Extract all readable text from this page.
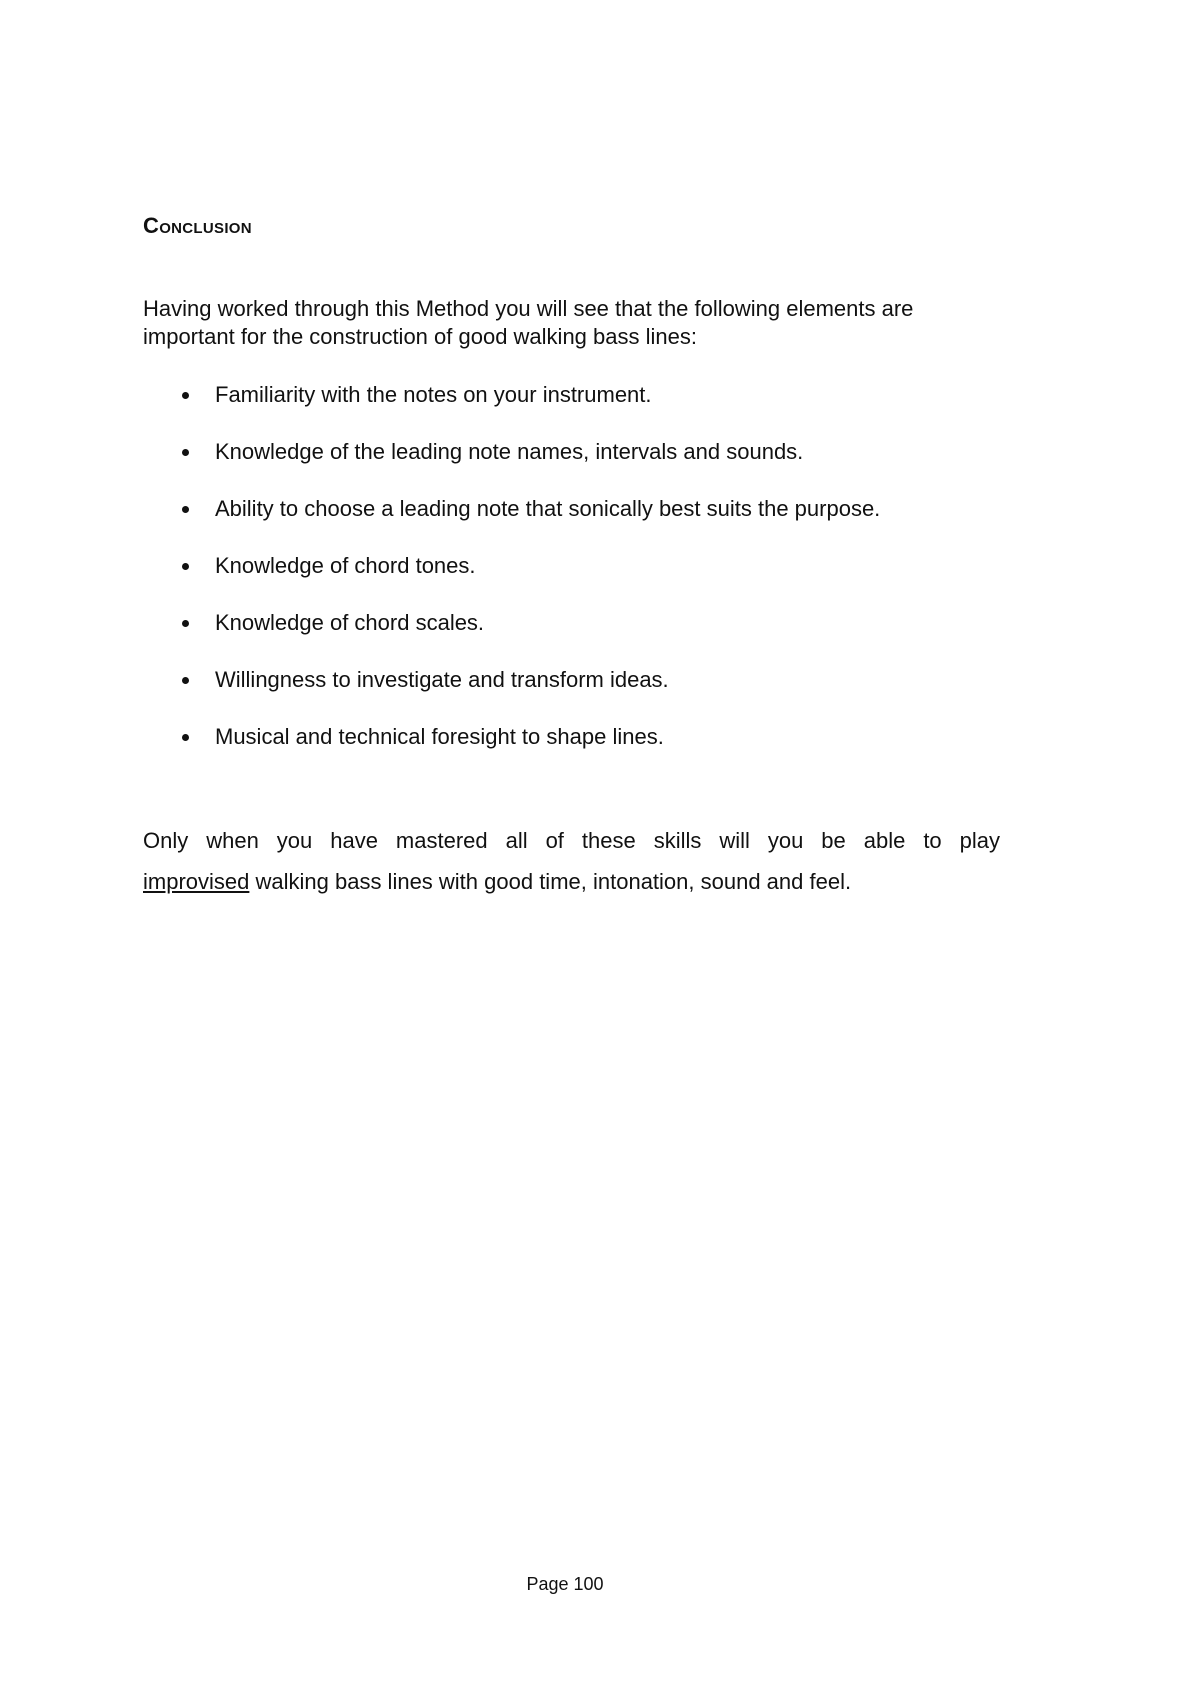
Conclusion

Having worked through this Method you will see that the following elements are important for the construction of good walking bass lines:

Familiarity with the notes on your instrument.
Knowledge of the leading note names, intervals and sounds.
Ability to choose a leading note that sonically best suits the purpose.
Knowledge of chord tones.
Knowledge of chord scales.
Willingness to investigate and transform ideas.
Musical and technical foresight to shape lines.

Only when you have mastered all of these skills will you be able to play
improvised walking bass lines with good time, intonation, sound and feel.

Page 100
